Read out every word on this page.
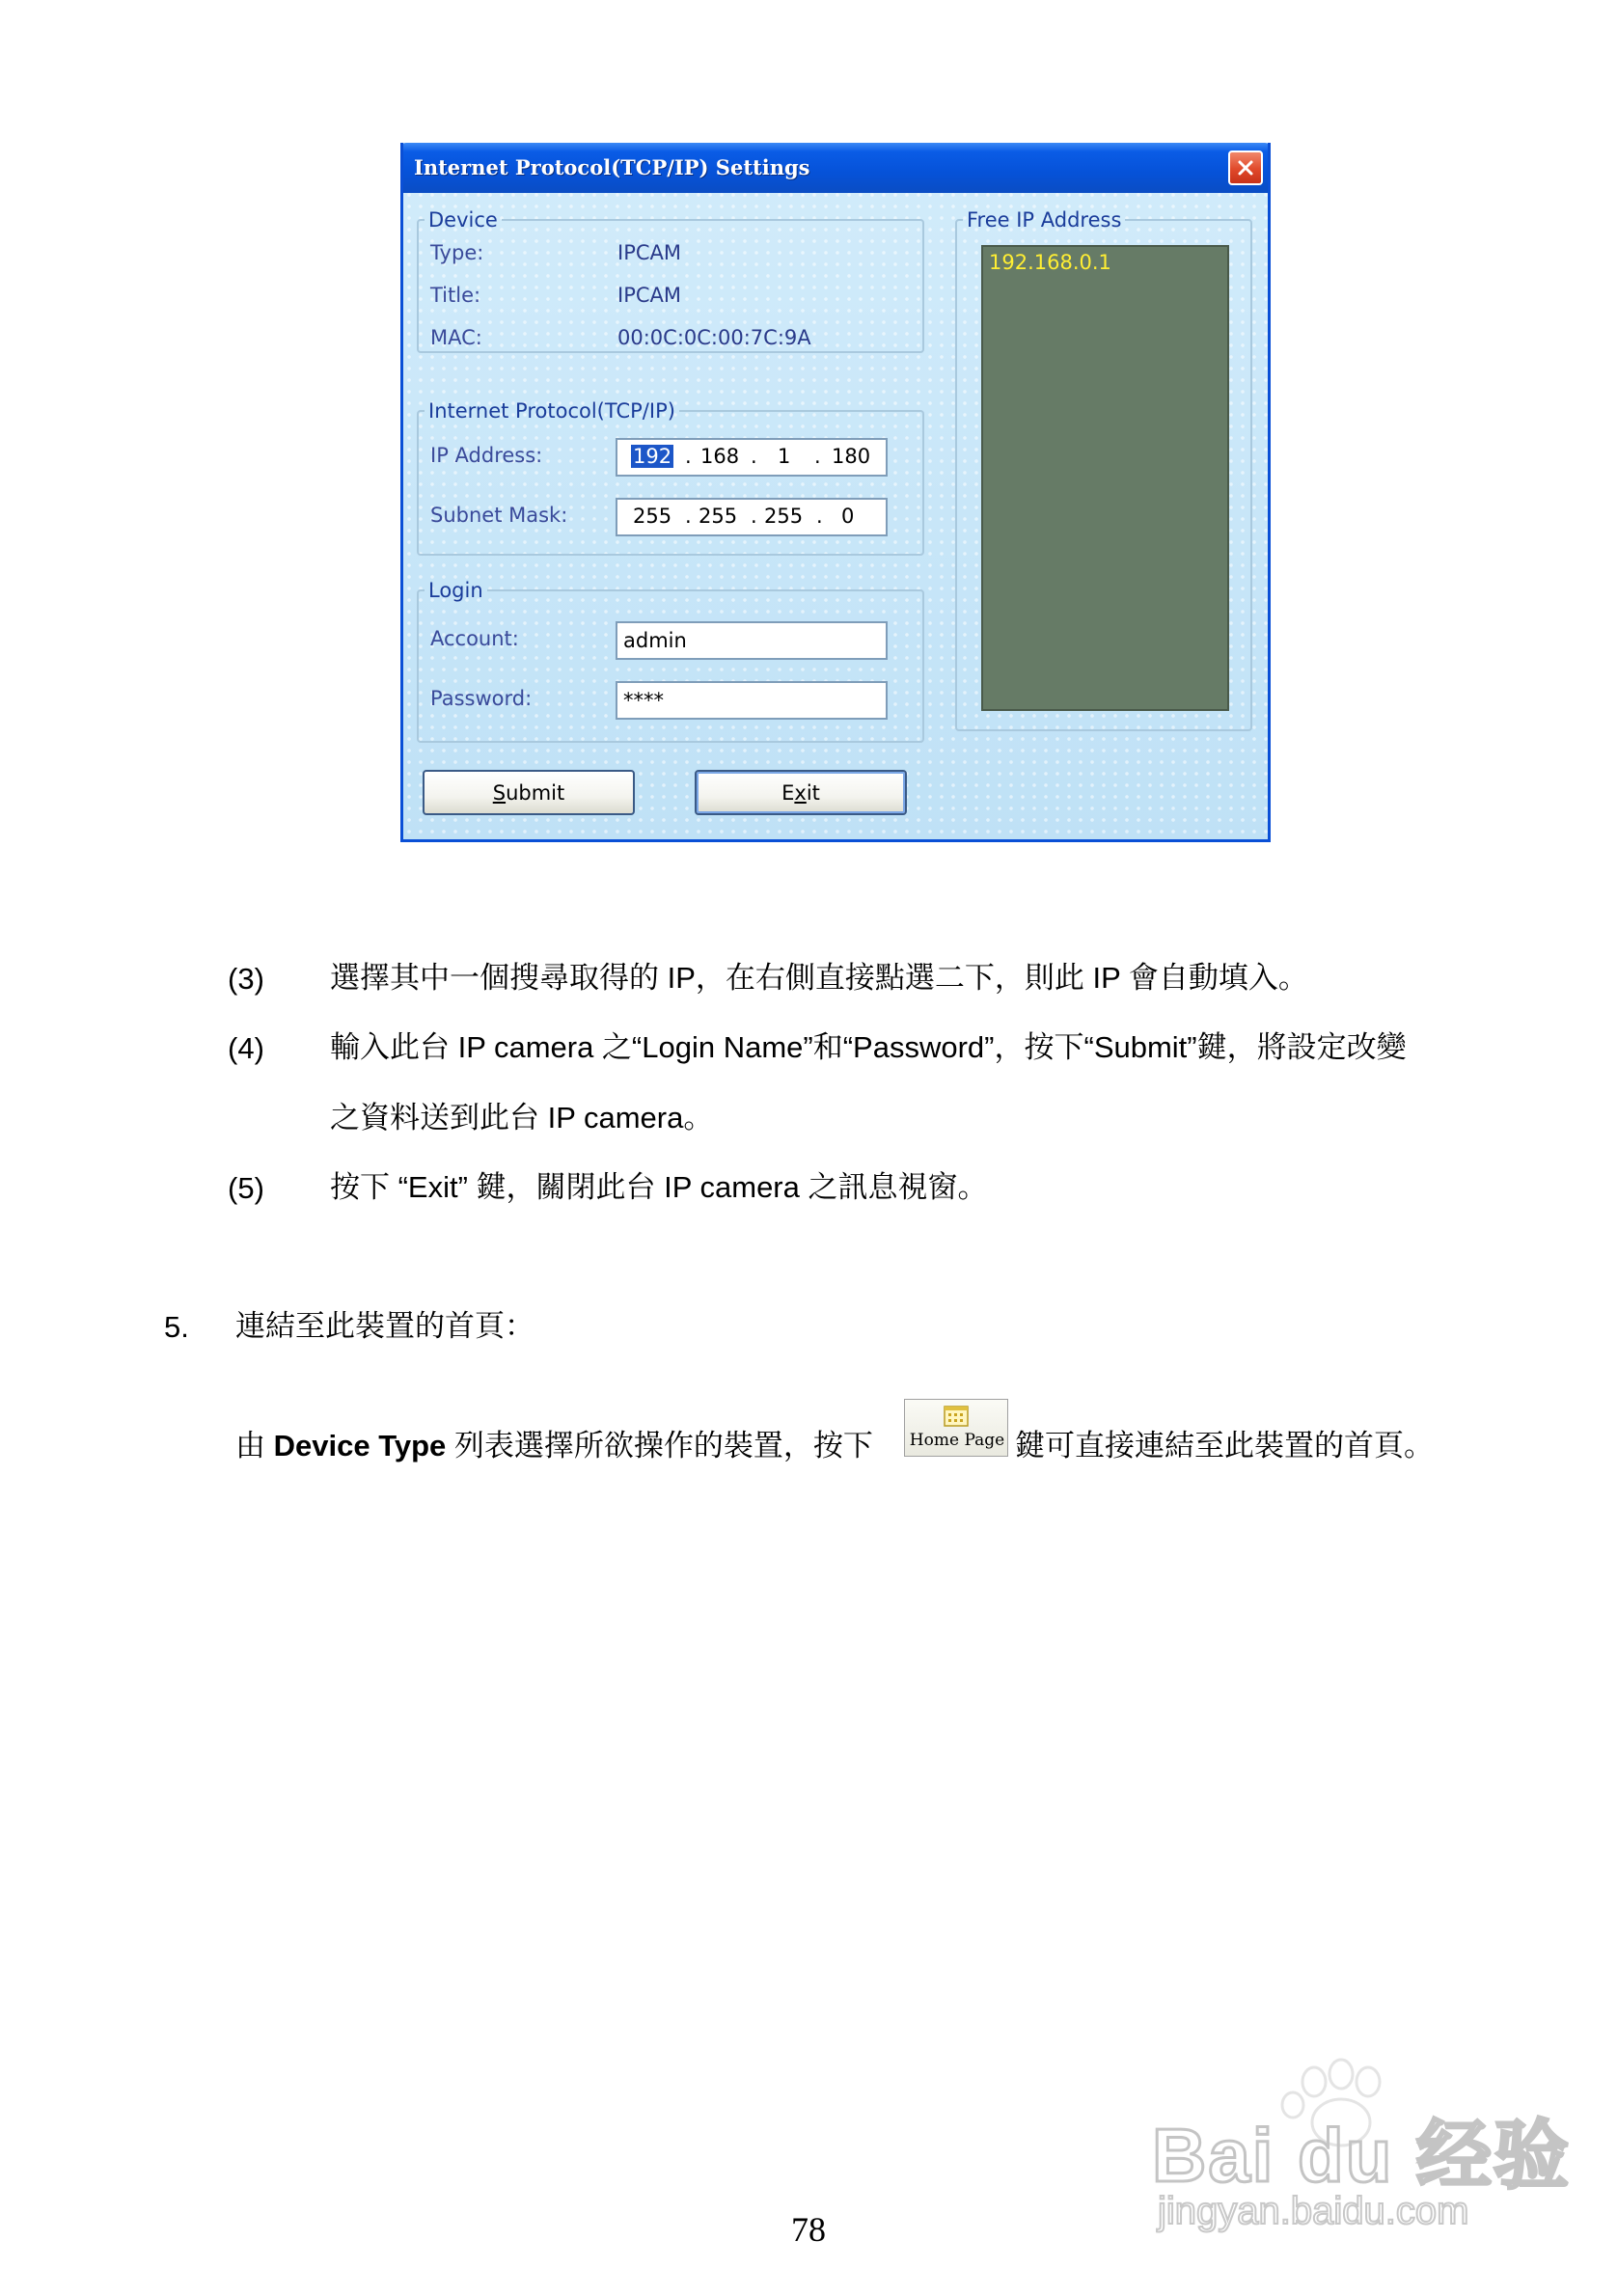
Internet Protocol(TCP/IP) Settings
Device
Type:	IPCAM
Title:	IPCAM
MAC:	00:0C:0C:00:7C:9A
Internet Protocol(TCP/IP)
IP Address:	192 . 168 . 1 . 180
Subnet Mask:	255 . 255 . 255 . 0
Login
Account:	admin
Password:	****
Free IP Address
192.168.0.1
Submit	Exit
(3) 選擇其中一個搜尋取得的 IP，在右側直接點選二下，則此 IP 會自動填入。
(4) 輸入此台 IP camera 之“Login Name”和“Password”，按下“Submit”鍵，將設定改變
之資料送到此台 IP camera。
(5) 按下 “Exit” 鍵，關閉此台 IP camera 之訊息視窗。
5. 連結至此裝置的首頁：
由 Device Type 列表選擇所欲操作的裝置，按下 Home Page 鍵可直接連結至此裝置的首頁。
78
Bai du 经验
jingyan.baidu.com
